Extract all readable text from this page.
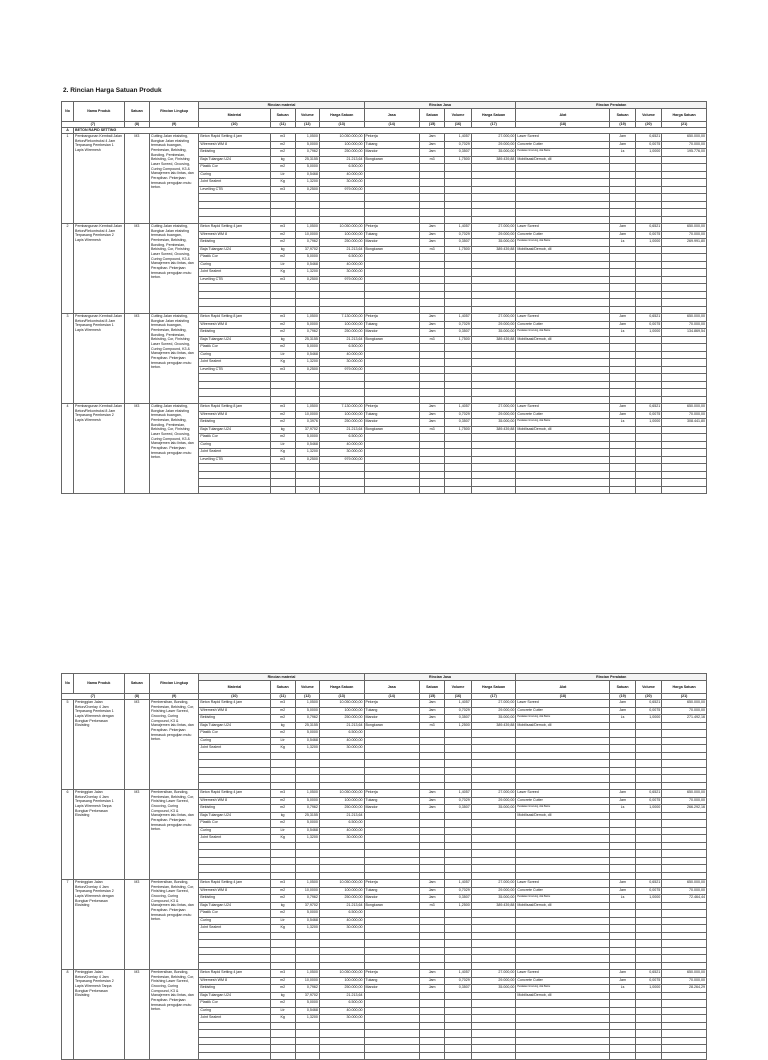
2. Rincian Harga Satuan Produk
No	Nama Produk	Satuan	Rincian Lingkup	Rincian material				Rincian Jasa				Rincian Peralatan			
				Material	Satuan	Volume	Harga Satuan	Jasa	Satuan	Volume	Harga Satuan	Alat	Satuan	Volume	Harga Satuan
(7)		(8)	(9)	(10)	(11)	(12)	(13)	(14)	(15)	(16)	(17)	(18)	(19)	(20)	(21)
A	BETON RAPID SETTING														
1	Pembangunan Kembali Jalan Beton/Rekontruksi 4 Jam Terpasang Pembesian 1 Lapis Wiremesh	M3	Cutting Jalan eksisting, Bongkar Jalan eksisting termasuk buangan, Pembesian, Bekisting, Bonding, Pembesian, Bekisting, Cor, Finishing Laser Screed, Grooving, Curing Compound, K3 & Manajemen lalu lintas, dan Perapihan. Pekerjaan termasuk pengujian mutu beton.	Beton Rapid Setting 4 jam	m3	1,0500	10.050.000,00	Pekerja	Jam	1,4057	27.000,00	Laser Screed	Jam	0,6521	650.000,00
				Wiremesh WM 8	m2	5,0000	100.000,00	Tukang	Jam	0,7029	29.000,00	Concrete Cutter	Jam	0,0075	70.000,00
				Bekisting	m2	0,7962	250.000,00	Mandor	Jam	0,3507	35.000,00	Peralatan Grooving, Alat Bantu	Ls	1,0000	195.776,00
				Baja Tulangan U24	kg	25,3155	21.213,64	Bongkaran	m3	1,7500	389.439,88	Mobilisasi/Demob, dll			
				Plastik Cor	m2	5,0000	6.500,00								
				Curing	Ltr	0,5468	40.000,00								
				Joint Sealent	Kg	1,3200	30.000,00								
				Levelling CTB	m3	0,2500	979.000,00								

2	Pembangunan Kembali Jalan Beton/Rekontruksi 4 Jam Terpasang Pembesian 2 Lapis Wiremesh	M3	Cutting Jalan eksisting, Bongkar Jalan eksisting termasuk buangan, Pembesian, Bekisting, Bonding, Pembesian, Bekisting, Cor, Finishing Laser Screed, Grooving, Curing Compound, K3 & Manajemen lalu lintas, dan Perapihan. Pekerjaan termasuk pengujian mutu beton.	Beton Rapid Setting 4 jam	m3	1,0500	10.050.000,00	Pekerja	Jam	1,4057	27.000,00	Laser Screed	Jam	0,6521	650.000,00
				Wiremesh WM 8	m2	10,0000	100.000,00	Tukang	Jam	0,7029	29.000,00	Concrete Cutter	Jam	0,0075	70.000,00
				Bekisting	m2	0,7962	250.000,00	Mandor	Jam	0,3507	35.000,00	Peralatan Grooving, Alat Bantu	Ls	1,0000	269.991,80
				Baja Tulangan U24	kg	37,9702	21.213,64	Bongkaran	m3	1,7500	389.439,88	Mobilisasi/Demob, dll			
				Plastik Cor	m2	5,0000	6.500,00								
				Curing	Ltr	0,5468	40.000,00								
				Joint Sealent	Kg	1,3200	30.000,00								
				Levelling CTB	m3	0,2500	979.000,00								

3	Pembangunan Kembali Jalan Beton/Rekontruksi 8 Jam Terpasang Pembesian 1 Lapis Wiremesh	M3	Cutting Jalan eksisting, Bongkar Jalan eksisting termasuk buangan, Pembesian, Bekisting, Bonding, Pembesian, Bekisting, Cor, Finishing Laser Screed, Grooving, Curing Compound, K3 & Manajemen lalu lintas, dan Perapihan. Pekerjaan termasuk pengujian mutu beton.	Beton Rapid Setting 8 jam	m3	1,0500	7.130.000,00	Pekerja	Jam	1,4057	27.000,00	Laser Screed	Jam	0,6521	650.000,00
				Wiremesh WM 8	m2	5,0000	100.000,00	Tukang	Jam	0,7029	29.000,00	Concrete Cutter	Jam	0,0075	70.000,00
				Bekisting	m2	0,7962	250.000,00	Mandor	Jam	0,3507	35.000,00	Peralatan Grooving, Alat Bantu	Ls	1,0000	134.869,54
				Baja Tulangan U24	kg	25,3155	21.213,64	Bongkaran	m3	1,7500	389.439,88	Mobilisasi/Demob, dll			
				Plastik Cor	m2	5,0000	6.500,00								
				Curing	Ltr	0,5468	40.000,00								
				Joint Sealent	Kg	1,3200	30.000,00								
				Levelling CTB	m3	0,2500	979.000,00								

4	Pembangunan Kembali Jalan Beton/Rekontruksi 8 Jam Terpasang Pembesian 2 Lapis Wiremesh	M3	Cutting Jalan eksisting, Bongkar Jalan eksisting termasuk buangan, Pembesian, Bekisting, Bonding, Pembesian, Bekisting, Cor, Finishing Laser Screed, Grooving, Curing Compound, K3 & Manajemen lalu lintas, dan Perapihan. Pekerjaan termasuk pengujian mutu beton.	Beton Rapid Setting 8 jam	m3	1,0500	7.130.000,00	Pekerja	Jam	1,4057	27.000,00	Laser Screed	Jam	0,6521	650.000,00
				Wiremesh WM 8	m2	10,0000	100.000,00	Tukang	Jam	0,7029	29.000,00	Concrete Cutter	Jam	0,0075	70.000,00
				Bekisting	m2	0,3976	250.000,00	Mandor	Jam	0,3507	35.000,00	Peralatan Grooving, Alat Bantu	Ls	1,0000	308.441,80
				Baja Tulangan U24	kg	37,9702	21.213,64	Bongkaran	m3	1,7500	389.439,88	Mobilisasi/Demob, dll			
				Plastik Cor	m2	5,0000	6.500,00								
				Curing	Ltr	0,5468	40.000,00								
				Joint Sealent	Kg	1,3200	30.000,00								
				Levelling CTB	m3	0,2500	979.000,00								

No	Nama Produk	Satuan	Rincian Lingkup	Rincian material				Rincian Jasa				Rincian Peralatan			
				Material	Satuan	Volume	Harga Satuan	Jasa	Satuan	Volume	Harga Satuan	Alat	Satuan	Volume	Harga Satuan
(7)		(8)	(9)	(10)	(11)	(12)	(13)	(14)	(15)	(16)	(17)	(18)	(19)	(20)	(21)
5	Peninggian Jalan Beton/Overlay 4 Jam Terpasang Pembesian 1 Lapis Wiremesh dengan Bongkar Perkerasan Eksisting	M3	Pembersihan, Bonding, Pembesian, Bekisting, Cor, Finishing Laser Screed, Grooving, Curing Compound, K3 & Manajemen lalu lintas, dan Perapihan. Pekerjaan termasuk pengujian mutu beton.	Beton Rapid Setting 4 jam	m3	1,0500	10.050.000,00	Pekerja	Jam	1,4057	27.000,00	Laser Screed	Jam	0,6521	650.000,00
				Wiremesh WM 8	m2	5,0000	100.000,00	Tukang	Jam	0,7029	29.000,00	Concrete Cutter	Jam	0,0075	70.000,00
				Bekisting	m2	0,7962	250.000,00	Mandor	Jam	0,3507	35.000,00	Peralatan Grooving, Alat Bantu	Ls	1,0000	271.492,16
				Baja Tulangan U24	kg	25,3155	21.213,64	Bongkaran	m3	1,2500	389.439,88	Mobilisasi/Demob, dll			
				Plastik Cor	m2	5,0000	6.500,00								
				Curing	Ltr	0,5468	40.000,00								
				Joint Sealent	Kg	1,3200	30.000,00								

6	Peninggian Jalan Beton/Overlay 4 Jam Terpasang Pembesian 1 Lapis Wiremesh Tanpa Bongkar Perkerasan Eksisting	M3	Pembersihan, Bonding, Pembesian, Bekisting, Cor, Finishing Laser Screed, Grooving, Curing Compound, K3 & Manajemen lalu lintas, dan Perapihan. Pekerjaan termasuk pengujian mutu beton.	Beton Rapid Setting 4 jam	m3	1,0500	10.050.000,00	Pekerja	Jam	1,4057	27.000,00	Laser Screed	Jam	0,6521	650.000,00
				Wiremesh WM 8	m2	5,0000	100.000,00	Tukang	Jam	0,7029	29.000,00	Concrete Cutter	Jam	0,0075	70.000,00
				Bekisting	m2	0,7962	250.000,00	Mandor	Jam	0,3507	35.000,00	Peralatan Grooving, Alat Bantu	Ls	1,0000	266.292,16
				Baja Tulangan U24	kg	25,3155	21.213,64					Mobilisasi/Demob, dll			
				Plastik Cor	m2	5,0000	6.500,00								
				Curing	Ltr	0,5468	40.000,00								
				Joint Sealent	Kg	1,3200	30.000,00								

7	Peninggian Jalan Beton/Overlay 4 Jam Terpasang Pembesian 2 Lapis Wiremesh dengan Bongkar Perkerasan Eksisting	M3	Pembersihan, Bonding, Pembesian, Bekisting, Cor, Finishing Laser Screed, Grooving, Curing Compound, K3 & Manajemen lalu lintas, dan Perapihan. Pekerjaan termasuk pengujian mutu beton.	Beton Rapid Setting 4 jam	m3	1,0500	10.050.000,00	Pekerja	Jam	1,4057	27.000,00	Laser Screed	Jam	0,6521	650.000,00
				Wiremesh WM 8	m2	10,0000	100.000,00	Tukang	Jam	0,7029	29.000,00	Concrete Cutter	Jam	0,0075	70.000,00
				Bekisting	m2	0,7962	250.000,00	Mandor	Jam	0,3507	35.000,00	Peralatan Grooving, Alat Bantu	Ls	1,0000	72.464,44
				Baja Tulangan U24	kg	37,9702	21.213,64	Bongkaran	m3	1,2500	389.439,88	Mobilisasi/Demob, dll			
				Plastik Cor	m2	5,0000	6.500,00								
				Curing	Ltr	0,5468	40.000,00								
				Joint Sealent	Kg	1,3200	30.000,00								

8	Peninggian Jalan Beton/Overlay 4 Jam Terpasang Pembesian 2 Lapis Wiremesh Tanpa Bongkar Perkerasan Eksisting	M3	Pembersihan, Bonding, Pembesian, Bekisting, Cor, Finishing Laser Screed, Grooving, Curing Compound, K3 & Manajemen lalu lintas, dan Perapihan. Pekerjaan termasuk pengujian mutu beton.	Beton Rapid Setting 4 jam	m3	1,0500	10.050.000,00	Pekerja	Jam	1,4057	27.000,00	Laser Screed	Jam	0,6521	650.000,00
				Wiremesh WM 8	m2	10,0000	100.000,00	Tukang	Jam	0,7029	29.000,00	Concrete Cutter	Jam	0,0075	70.000,00
				Bekisting	m2	0,7962	250.000,00	Mandor	Jam	0,3507	35.000,00	Peralatan Grooving, Alat Bantu	Ls	1,0000	28.264,29
				Baja Tulangan U24	kg	37,9702	21.213,64					Mobilisasi/Demob, dll			
				Plastik Cor	m2	5,0000	6.500,00								
				Curing	Ltr	0,5468	40.000,00								
				Joint Sealent	Kg	1,3200	30.000,00								
